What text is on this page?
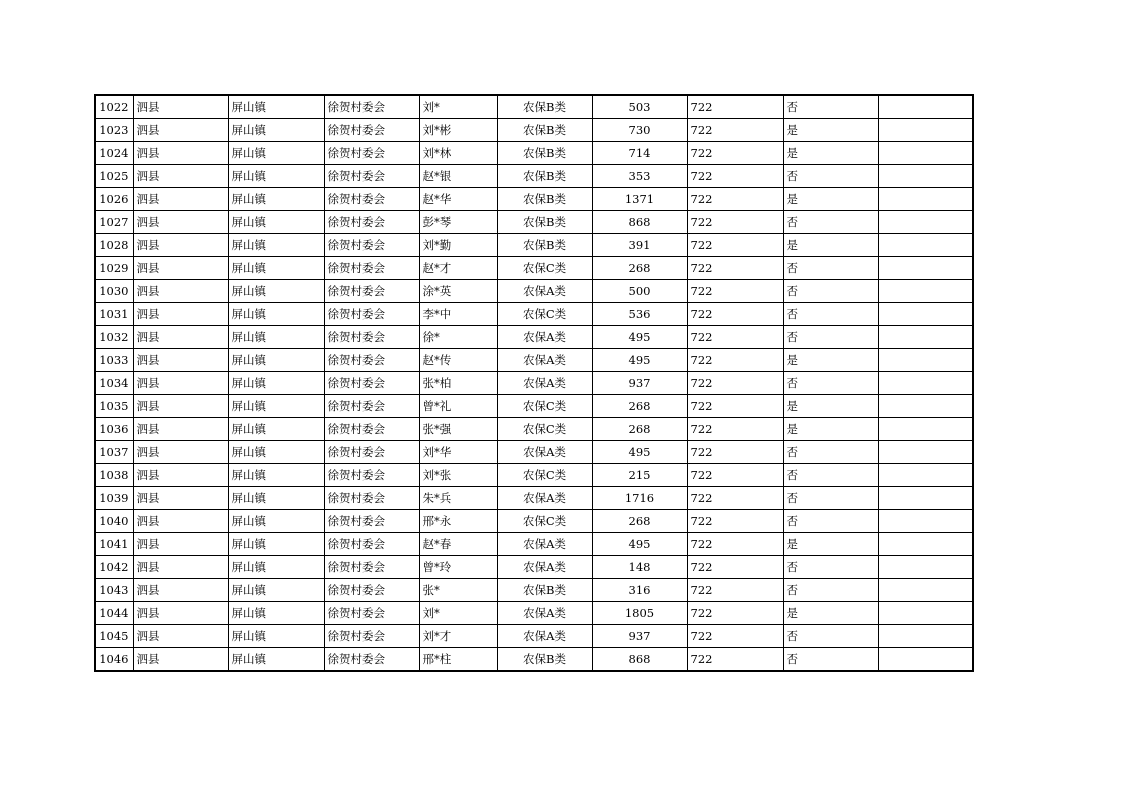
1022	泗县	屏山镇	徐贺村委会	刘*	农保B类	503	722	否	
1023	泗县	屏山镇	徐贺村委会	刘*彬	农保B类	730	722	是	
1024	泗县	屏山镇	徐贺村委会	刘*林	农保B类	714	722	是	
1025	泗县	屏山镇	徐贺村委会	赵*银	农保B类	353	722	否	
1026	泗县	屏山镇	徐贺村委会	赵*华	农保B类	1371	722	是	
1027	泗县	屏山镇	徐贺村委会	彭*琴	农保B类	868	722	否	
1028	泗县	屏山镇	徐贺村委会	刘*勤	农保B类	391	722	是	
1029	泗县	屏山镇	徐贺村委会	赵*才	农保C类	268	722	否	
1030	泗县	屏山镇	徐贺村委会	涂*英	农保A类	500	722	否	
1031	泗县	屏山镇	徐贺村委会	李*中	农保C类	536	722	否	
1032	泗县	屏山镇	徐贺村委会	徐*	农保A类	495	722	否	
1033	泗县	屏山镇	徐贺村委会	赵*传	农保A类	495	722	是	
1034	泗县	屏山镇	徐贺村委会	张*柏	农保A类	937	722	否	
1035	泗县	屏山镇	徐贺村委会	曾*礼	农保C类	268	722	是	
1036	泗县	屏山镇	徐贺村委会	张*强	农保C类	268	722	是	
1037	泗县	屏山镇	徐贺村委会	刘*华	农保A类	495	722	否	
1038	泗县	屏山镇	徐贺村委会	刘*张	农保C类	215	722	否	
1039	泗县	屏山镇	徐贺村委会	朱*兵	农保A类	1716	722	否	
1040	泗县	屏山镇	徐贺村委会	邢*永	农保C类	268	722	否	
1041	泗县	屏山镇	徐贺村委会	赵*春	农保A类	495	722	是	
1042	泗县	屏山镇	徐贺村委会	曾*玲	农保A类	148	722	否	
1043	泗县	屏山镇	徐贺村委会	张*	农保B类	316	722	否	
1044	泗县	屏山镇	徐贺村委会	刘*	农保A类	1805	722	是	
1045	泗县	屏山镇	徐贺村委会	刘*才	农保A类	937	722	否	
1046	泗县	屏山镇	徐贺村委会	邢*柱	农保B类	868	722	否	
